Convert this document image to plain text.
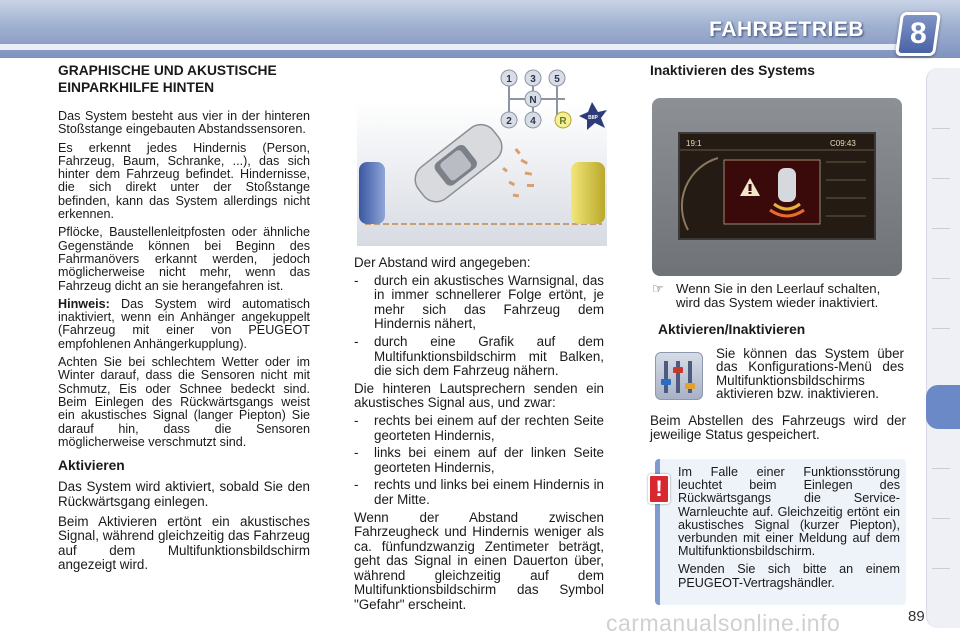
FAHRBETRIEB 8
GRAPHISCHE UND AKUSTISCHE EINPARKHILFE HINTEN

Das System besteht aus vier in der hinteren Stoßstange eingebauten Abstandssensoren.

Es erkennt jedes Hindernis (Person, Fahrzeug, Baum, Schranke, ...), das sich hinter dem Fahrzeug befindet. Hindernisse, die sich direkt unter der Stoßstange befinden, kann das System allerdings nicht erkennen.

Pflöcke, Baustellenleitpfosten oder ähnliche Gegenstände können bei Beginn des Fahrmanövers erkannt werden, jedoch möglicherweise nicht mehr, wenn das Fahrzeug dicht an sie herangefahren ist.

Hinweis: Das System wird automatisch inaktiviert, wenn ein Anhänger angekuppelt (Fahrzeug mit einer von PEUGEOT empfohlenen Anhängerkupplung).

Achten Sie bei schlechtem Wetter oder im Winter darauf, dass die Sensoren nicht mit Schmutz, Eis oder Schnee bedeckt sind. Beim Einlegen des Rückwärtsgangs weist ein akustisches Signal (langer Piepton) Sie darauf hin, dass die Sensoren möglicherweise verschmutzt sind.

Aktivieren

Das System wird aktiviert, sobald Sie den Rückwärtsgang einlegen.

Beim Aktivieren ertönt ein akustisches Signal, während gleichzeitig das Fahrzeug auf dem Multifunktionsbildschirm angezeigt wird.

1 3 5
N
2 4 R	BIIP

Der Abstand wird angegeben:

-	durch ein akustisches Warnsignal, das in immer schnellerer Folge ertönt, je mehr sich das Fahrzeug dem Hindernis nähert,
-	durch eine Grafik auf dem Multifunktionsbildschirm mit Balken, die sich dem Fahrzeug nähern.

Die hinteren Lautsprechern senden ein akustisches Signal aus, und zwar:

-	rechts bei einem auf der rechten Seite georteten Hindernis,
-	links bei einem auf der linken Seite georteten Hindernis,
-	rechts und links bei einem Hindernis in der Mitte.

Wenn der Abstand zwischen Fahrzeugheck und Hindernis weniger als ca. fünfundzwanzig Zentimeter beträgt, geht das Signal in einen Dauerton über, während gleichzeitig auf dem Multifunktionsbildschirm das Symbol "Gefahr" erscheint.

Inaktivieren des Systems
19:1	C09:43
☞ Wenn Sie in den Leerlauf schalten, wird das System wieder inaktiviert.
Aktivieren/Inaktivieren
Sie können das System über das Konfigurations-Menü des Multifunktionsbildschirms aktivieren bzw. inaktivieren.
Beim Abstellen des Fahrzeugs wird der jeweilige Status gespeichert.
!

Im Falle einer Funktionsstörung leuchtet beim Einlegen des Rückwärtsgangs die Service-Warnleuchte auf. Gleichzeitig ertönt ein akustisches Signal (kurzer Piepton), verbunden mit einer Meldung auf dem Multifunktionsbildschirm.

Wenden Sie sich bitte an einem PEUGEOT-Vertragshändler.

carmanualsonline.info	89
